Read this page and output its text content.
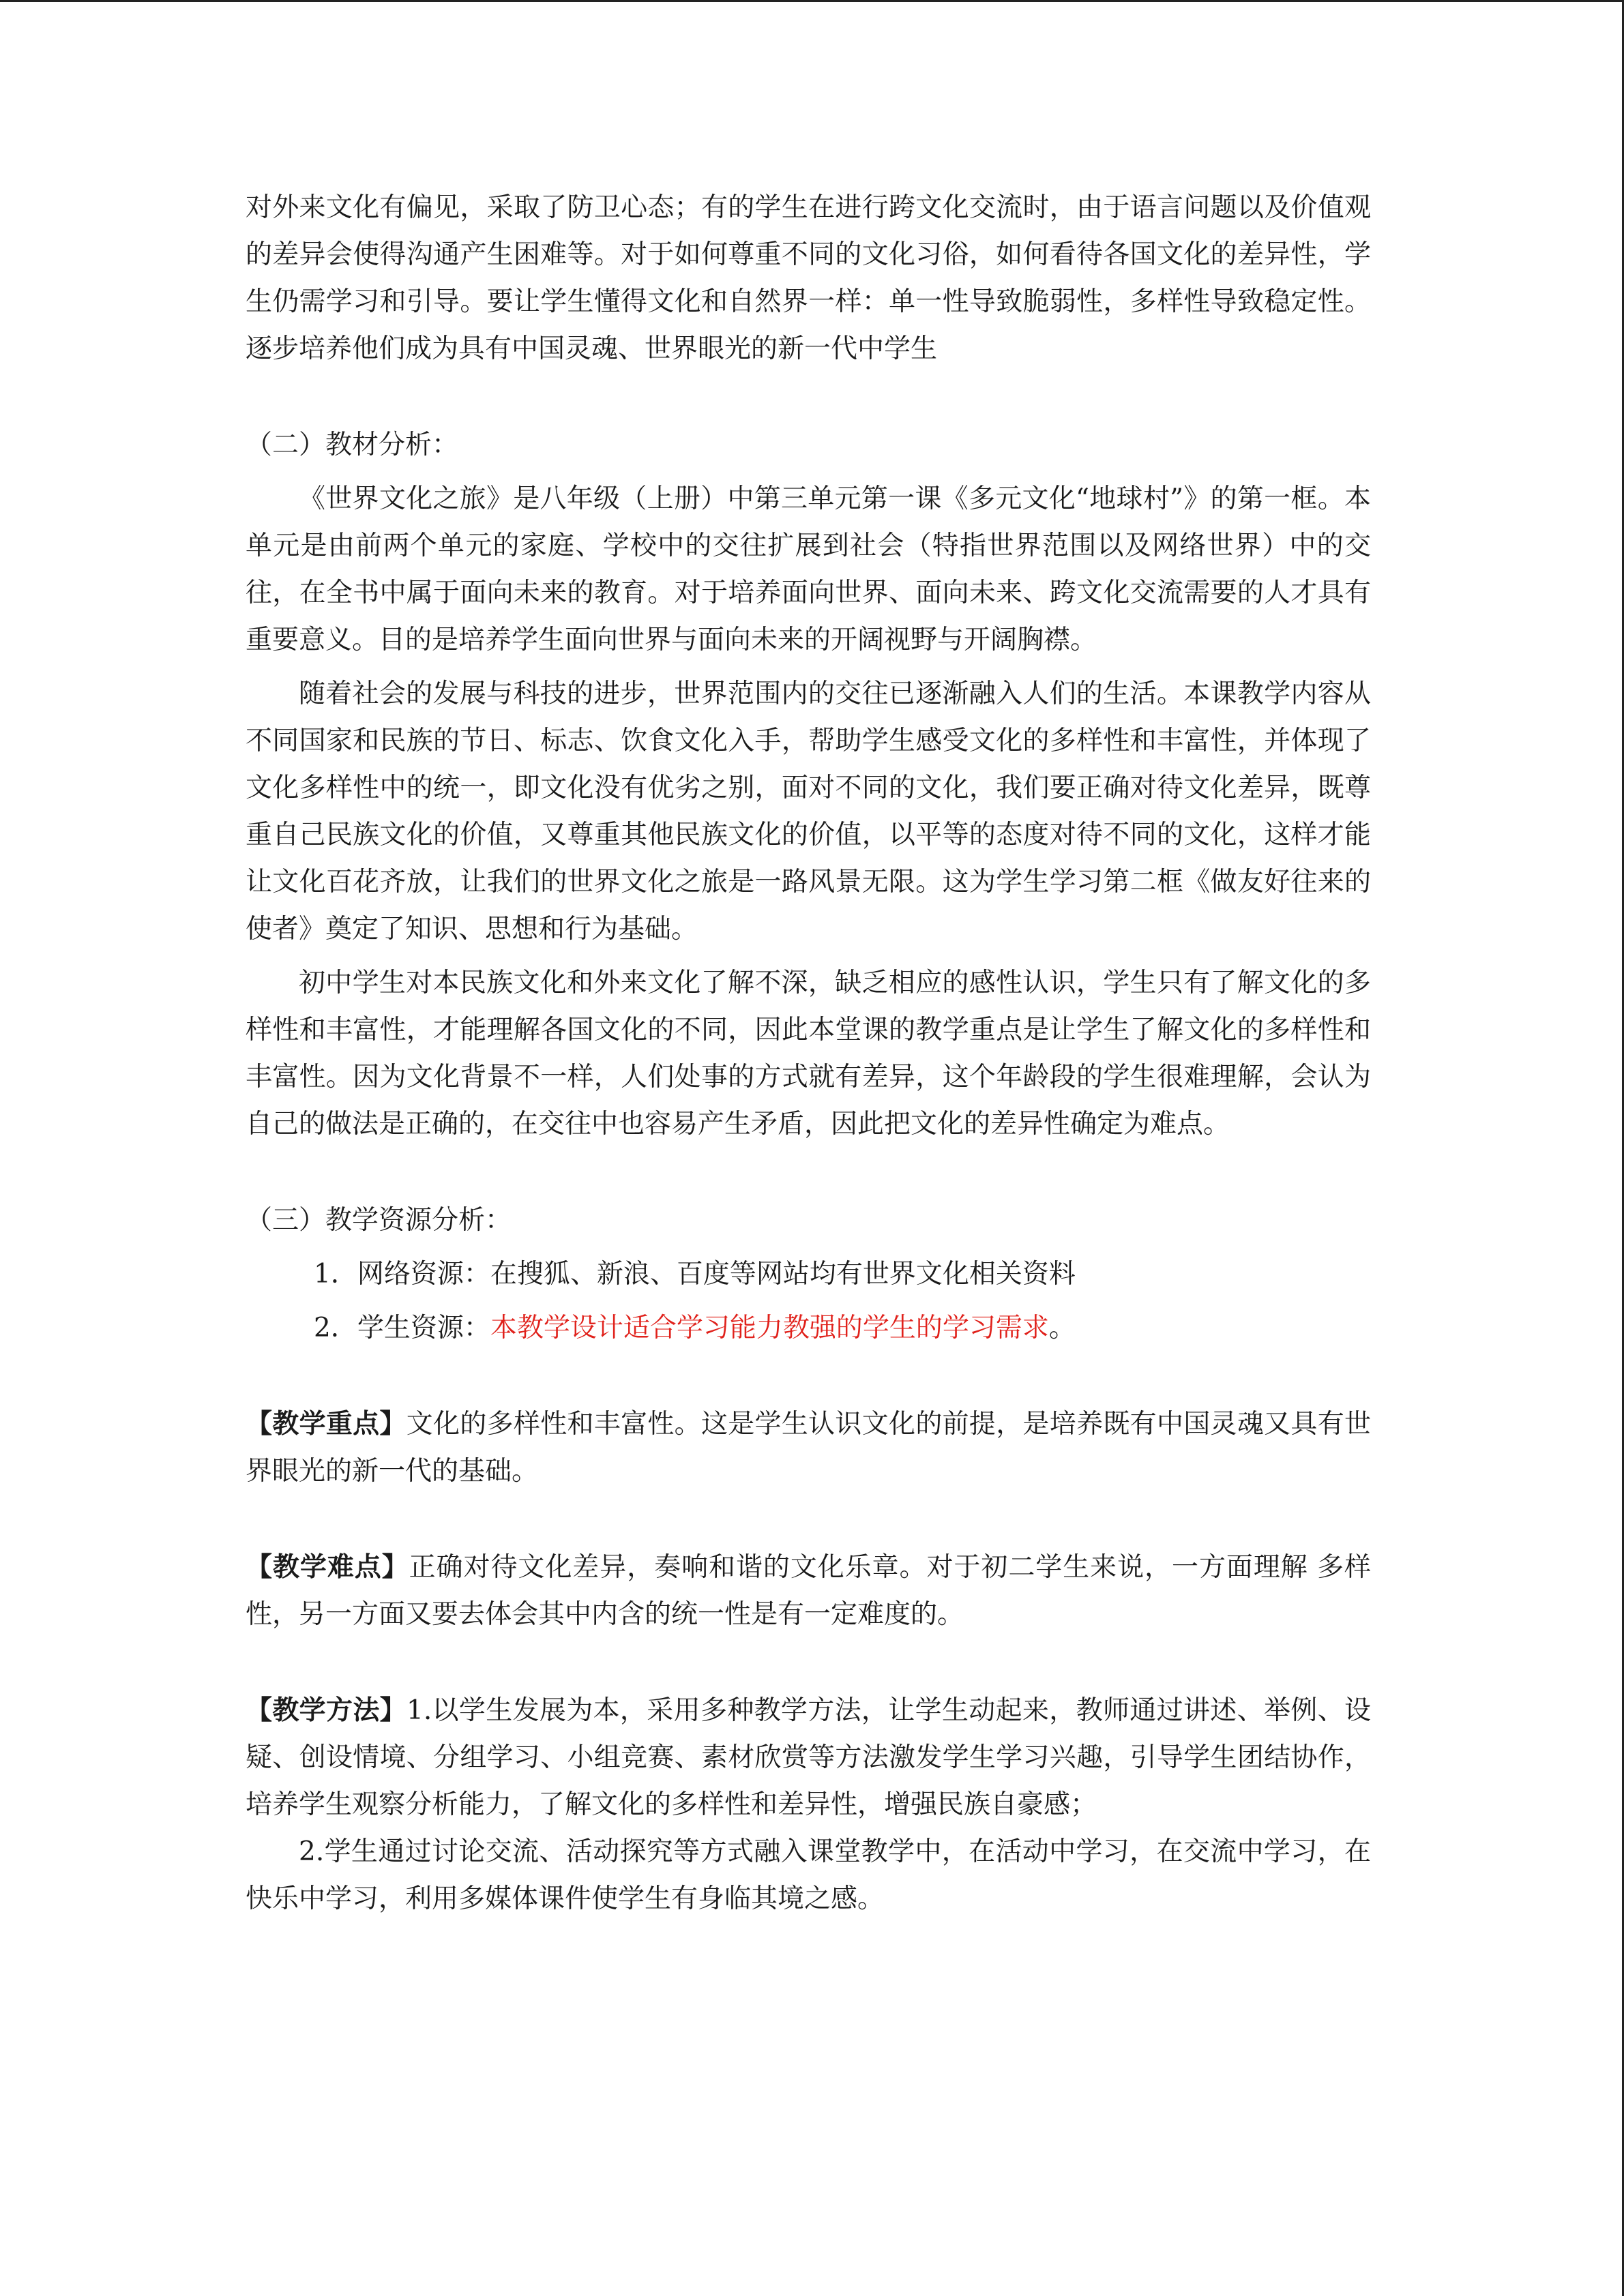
对外来文化有偏见，采取了防卫心态；有的学生在进行跨文化交流时，由于语言问题以及价值观的差异会使得沟通产生困难等。对于如何尊重不同的文化习俗，如何看待各国文化的差异性，学生仍需学习和引导。要让学生懂得文化和自然界一样：单一性导致脆弱性，多样性导致稳定性。逐步培养他们成为具有中国灵魂、世界眼光的新一代中学生

（二）教材分析：

《世界文化之旅》是八年级（上册）中第三单元第一课《多元文化“地球村”》的第一框。本单元是由前两个单元的家庭、学校中的交往扩展到社会（特指世界范围以及网络世界）中的交往，在全书中属于面向未来的教育。对于培养面向世界、面向未来、跨文化交流需要的人才具有重要意义。目的是培养学生面向世界与面向未来的开阔视野与开阔胸襟。

随着社会的发展与科技的进步，世界范围内的交往已逐渐融入人们的生活。本课教学内容从不同国家和民族的节日、标志、饮食文化入手，帮助学生感受文化的多样性和丰富性，并体现了文化多样性中的统一，即文化没有优劣之别，面对不同的文化，我们要正确对待文化差异，既尊重自己民族文化的价值，又尊重其他民族文化的价值，以平等的态度对待不同的文化，这样才能让文化百花齐放，让我们的世界文化之旅是一路风景无限。这为学生学习第二框《做友好往来的使者》奠定了知识、思想和行为基础。

初中学生对本民族文化和外来文化了解不深，缺乏相应的感性认识，学生只有了解文化的多样性和丰富性，才能理解各国文化的不同，因此本堂课的教学重点是让学生了解文化的多样性和丰富性。因为文化背景不一样，人们处事的方式就有差异，这个年龄段的学生很难理解，会认为自己的做法是正确的，在交往中也容易产生矛盾，因此把文化的差异性确定为难点。

（三）教学资源分析：

1．网络资源：在搜狐、新浪、百度等网站均有世界文化相关资料

2．学生资源：本教学设计适合学习能力教强的学生的学习需求。

【教学重点】文化的多样性和丰富性。这是学生认识文化的前提，是培养既有中国灵魂又具有世界眼光的新一代的基础。

【教学难点】正确对待文化差异，奏响和谐的文化乐章。对于初二学生来说，一方面理解 多样性，另一方面又要去体会其中内含的统一性是有一定难度的。

【教学方法】1.以学生发展为本，采用多种教学方法，让学生动起来，教师通过讲述、举例、设疑、创设情境、分组学习、小组竞赛、素材欣赏等方法激发学生学习兴趣，引导学生团结协作，培养学生观察分析能力，了解文化的多样性和差异性，增强民族自豪感；

2.学生通过讨论交流、活动探究等方式融入课堂教学中，在活动中学习，在交流中学习，在快乐中学习，利用多媒体课件使学生有身临其境之感。
